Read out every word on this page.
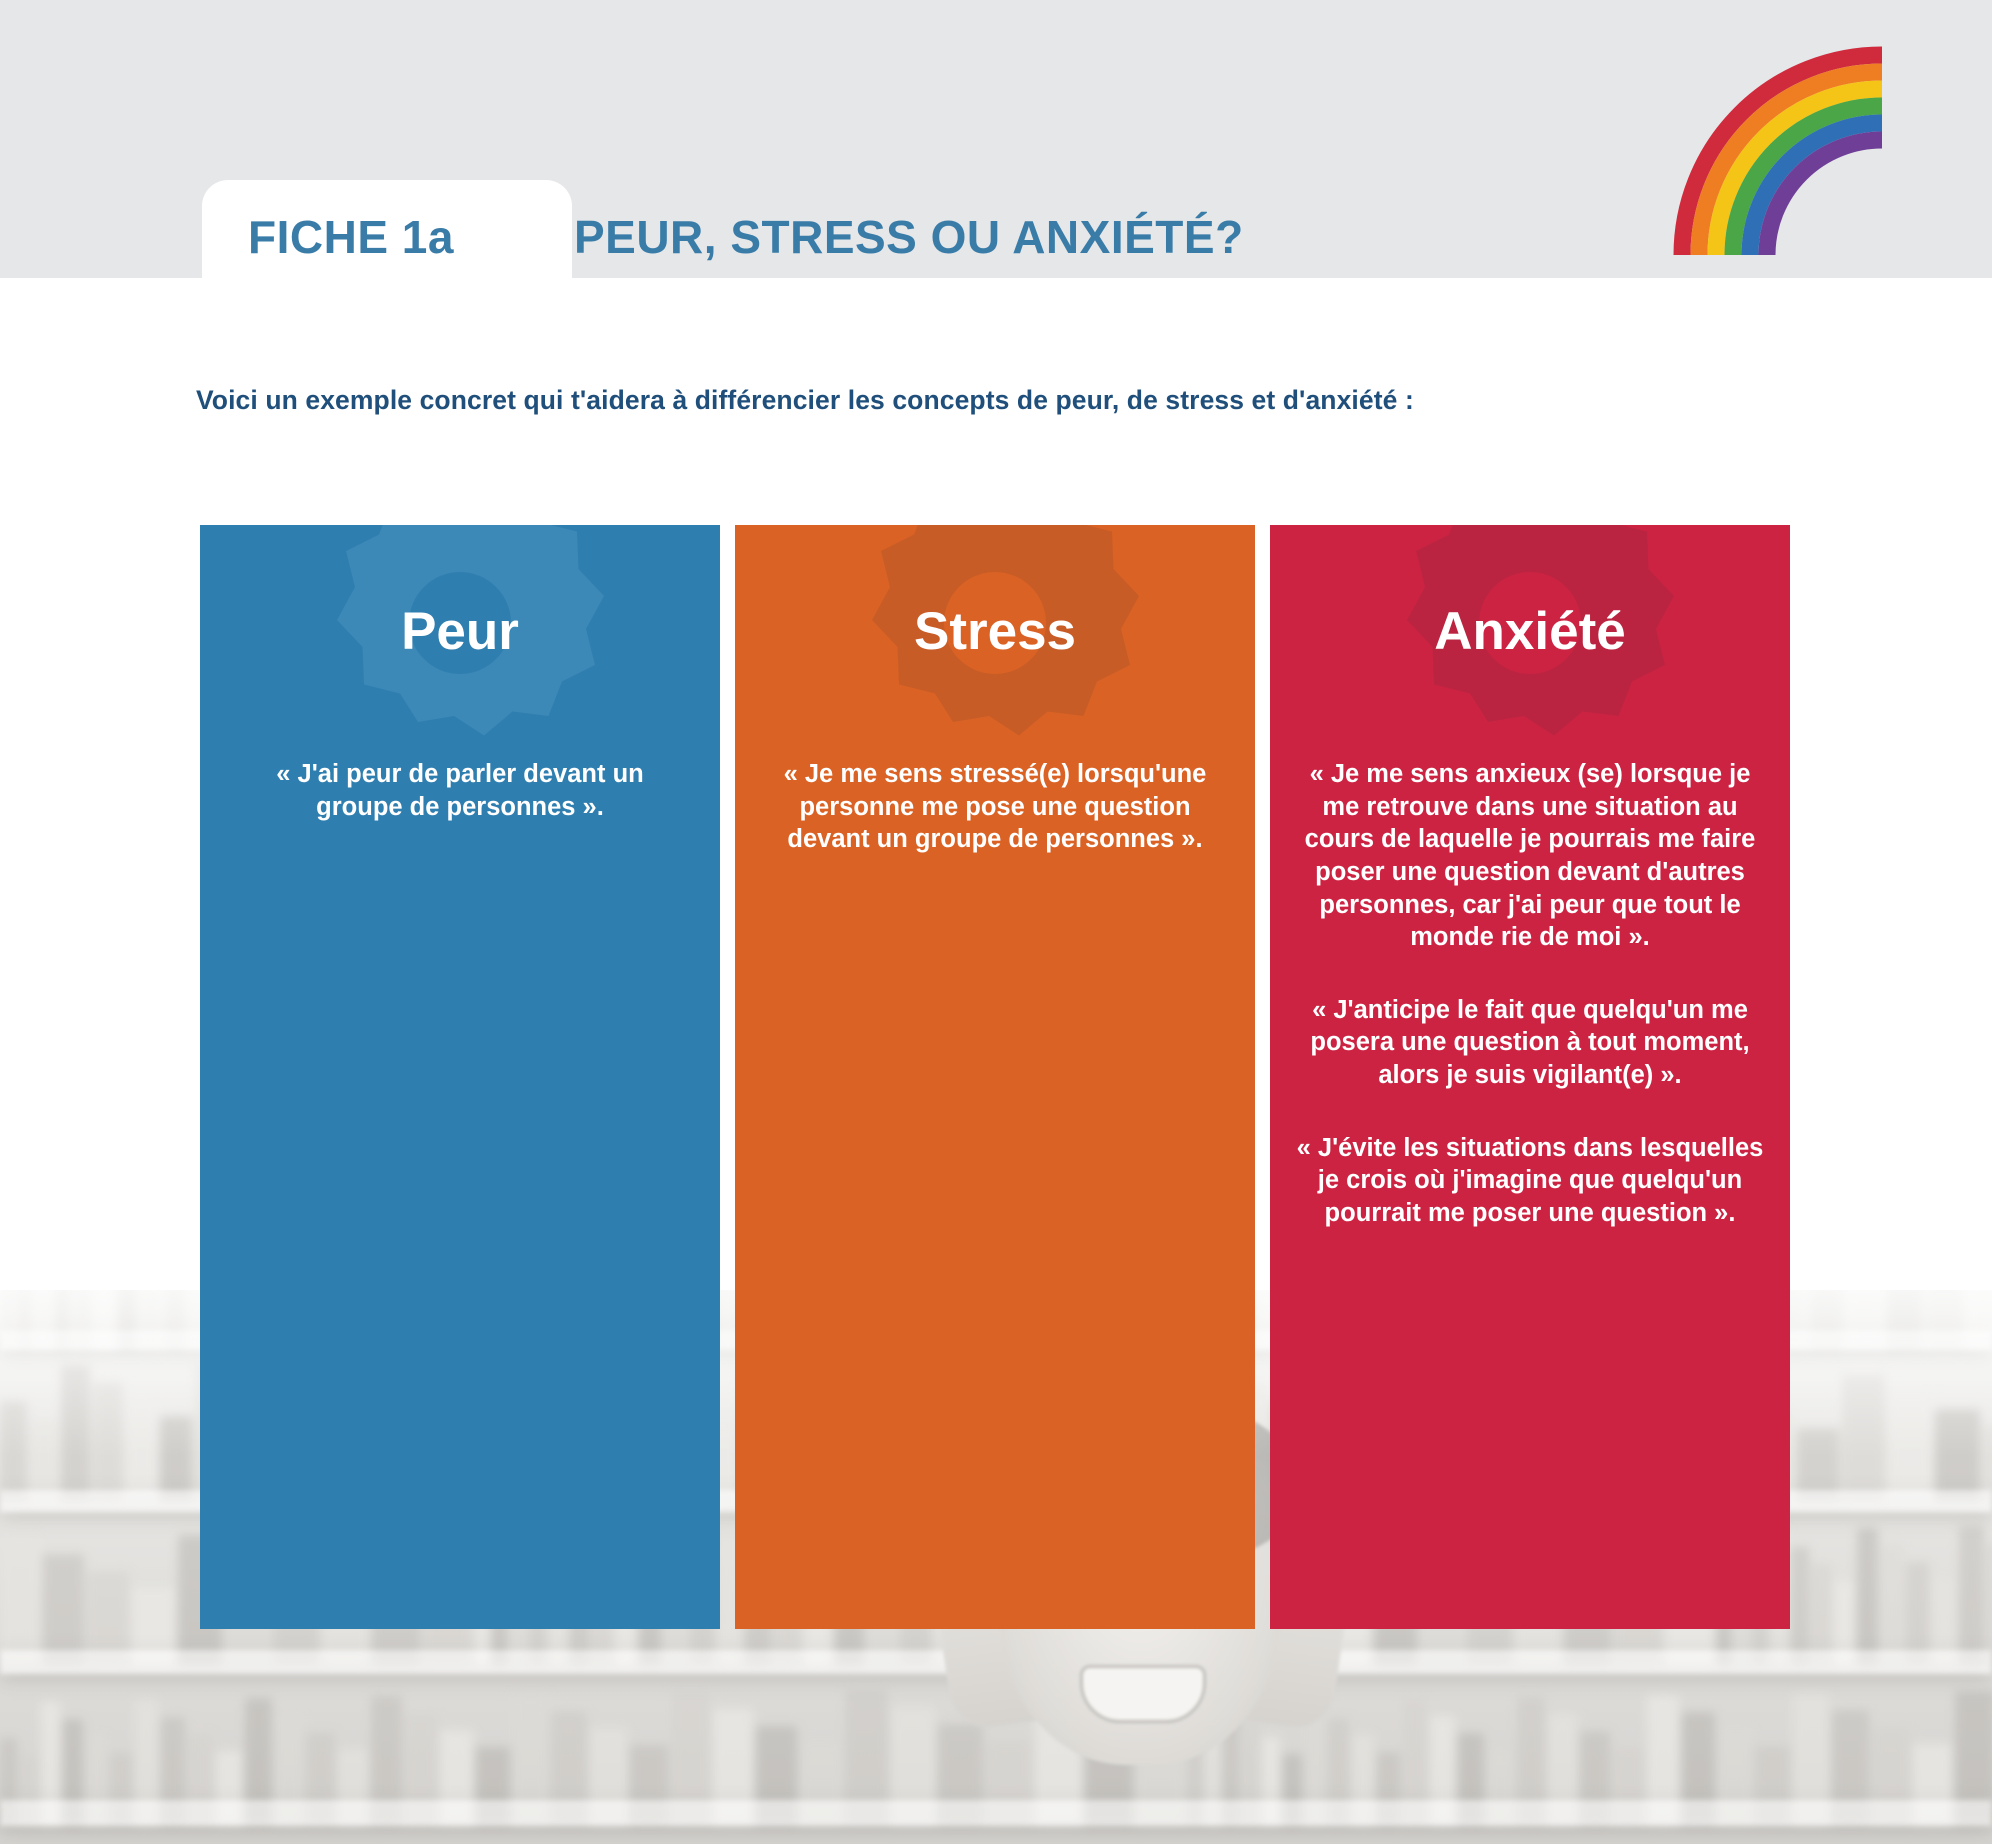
FICHE 1a	PEUR, STRESS OU ANXIÉTÉ?
Voici un exemple concret qui t'aidera à différencier les concepts de peur, de stress et d'anxiété :
Peur
« J'ai peur de parler devant un groupe de personnes ».
Stress
« Je me sens stressé(e) lorsqu'une personne me pose une question devant un groupe de personnes ».
Anxiété
« Je me sens anxieux (se) lorsque je me retrouve dans une situation au cours de laquelle je pourrais me faire poser une question devant d'autres personnes, car j'ai peur que tout le monde rie de moi ».
« J'anticipe le fait que quelqu'un me posera une question à tout moment, alors je suis vigilant(e) ».
« J'évite les situations dans lesquelles je crois où j'imagine que quelqu'un pourrait me poser une question ».
